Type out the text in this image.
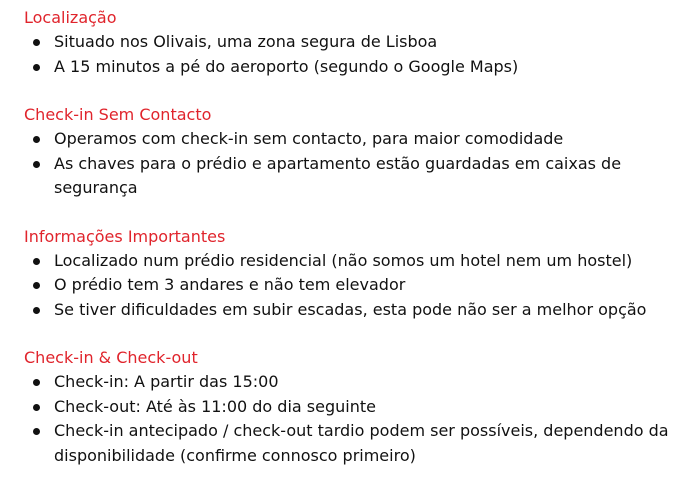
Localização
Situado nos Olivais, uma zona segura de Lisboa
A 15 minutos a pé do aeroporto (segundo o Google Maps)
Check-in Sem Contacto
Operamos com check-in sem contacto, para maior comodidade
As chaves para o prédio e apartamento estão guardadas em caixas de segurança
Informações Importantes
Localizado num prédio residencial (não somos um hotel nem um hostel)
O prédio tem 3 andares e não tem elevador
Se tiver dificuldades em subir escadas, esta pode não ser a melhor opção
Check-in & Check-out
Check-in: A partir das 15:00
Check-out: Até às 11:00 do dia seguinte
Check-in antecipado / check-out tardio podem ser possíveis, dependendo da disponibilidade (confirme connosco primeiro)
